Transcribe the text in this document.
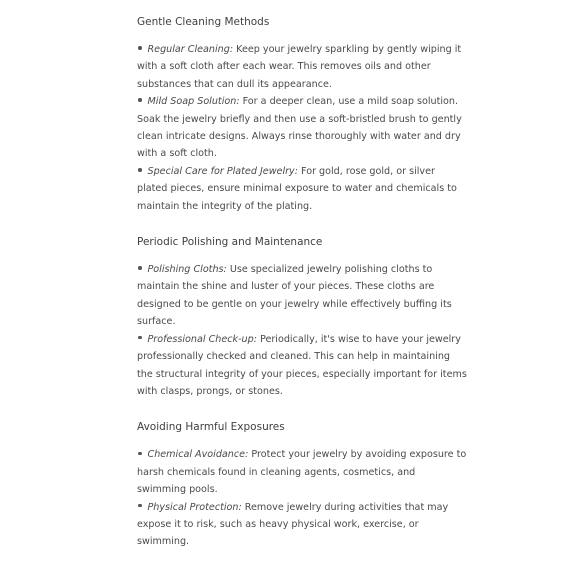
Gentle Cleaning Methods
Regular Cleaning: Keep your jewelry sparkling by gently wiping it with a soft cloth after each wear. This removes oils and other substances that can dull its appearance.
Mild Soap Solution: For a deeper clean, use a mild soap solution. Soak the jewelry briefly and then use a soft-bristled brush to gently clean intricate designs. Always rinse thoroughly with water and dry with a soft cloth.
Special Care for Plated Jewelry: For gold, rose gold, or silver plated pieces, ensure minimal exposure to water and chemicals to maintain the integrity of the plating.
Periodic Polishing and Maintenance
Polishing Cloths: Use specialized jewelry polishing cloths to maintain the shine and luster of your pieces. These cloths are designed to be gentle on your jewelry while effectively buffing its surface.
Professional Check-up: Periodically, it's wise to have your jewelry professionally checked and cleaned. This can help in maintaining the structural integrity of your pieces, especially important for items with clasps, prongs, or stones.
Avoiding Harmful Exposures
Chemical Avoidance: Protect your jewelry by avoiding exposure to harsh chemicals found in cleaning agents, cosmetics, and swimming pools.
Physical Protection: Remove jewelry during activities that may expose it to risk, such as heavy physical work, exercise, or swimming.
